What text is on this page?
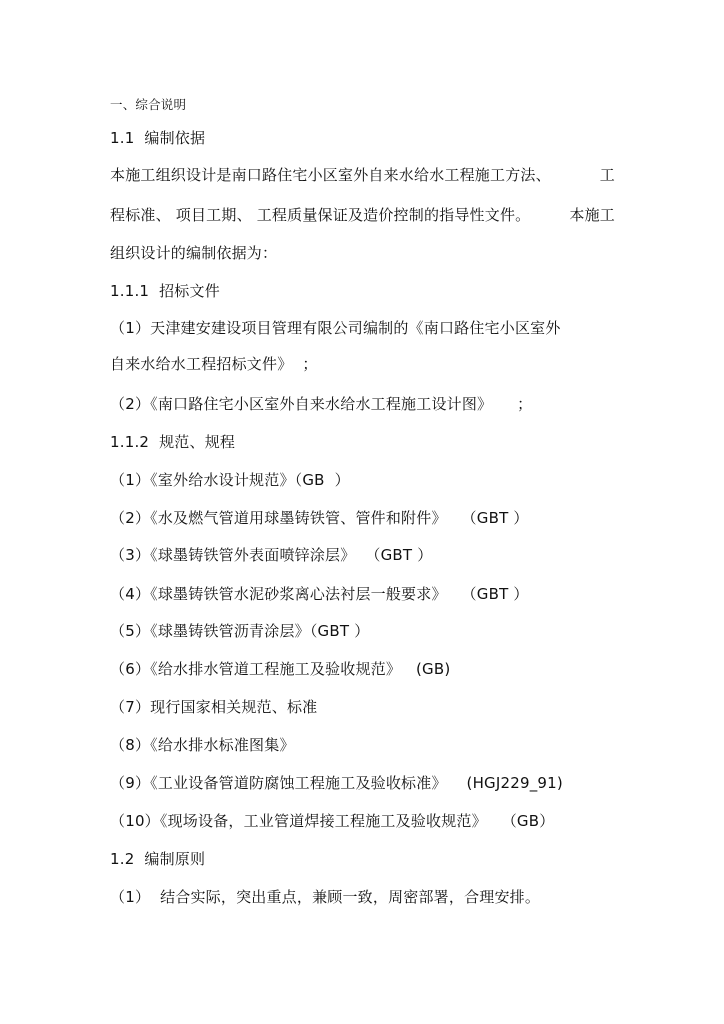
一、综合说明

1.1  编制依据

本施工组织设计是南口路住宅小区室外自来水给水工程施工方法、	工
程标准、 项目工期、 工程质量保证及造价控制的指导性文件。	本施工

组织设计的编制依据为：

1.1.1  招标文件

（1）天津建安建设项目管理有限公司编制的《南口路住宅小区室外

自来水给水工程招标文件》  ；

（2）《南口路住宅小区室外自来水给水工程施工设计图》     ；

1.1.2  规范、规程

（1）《室外给水设计规范》（GB  ）

（2）《水及燃气管道用球墨铸铁管、管件和附件》   （GBT ）

（3）《球墨铸铁管外表面喷锌涂层》  （GBT ）

（4）《球墨铸铁管水泥砂浆离心法衬层一般要求》   （GBT ）

（5）《球墨铸铁管沥青涂层》（GBT ）

（6）《给水排水管道工程施工及验收规范》   (GB)

（7）现行国家相关规范、标准

（8）《给水排水标准图集》

（9）《工业设备管道防腐蚀工程施工及验收标准》    (HGJ229_91)

（10）《现场设备，工业管道焊接工程施工及验收规范》   （GB）

1.2  编制原则

（1）  结合实际，突出重点，兼顾一致，周密部署，合理安排。
